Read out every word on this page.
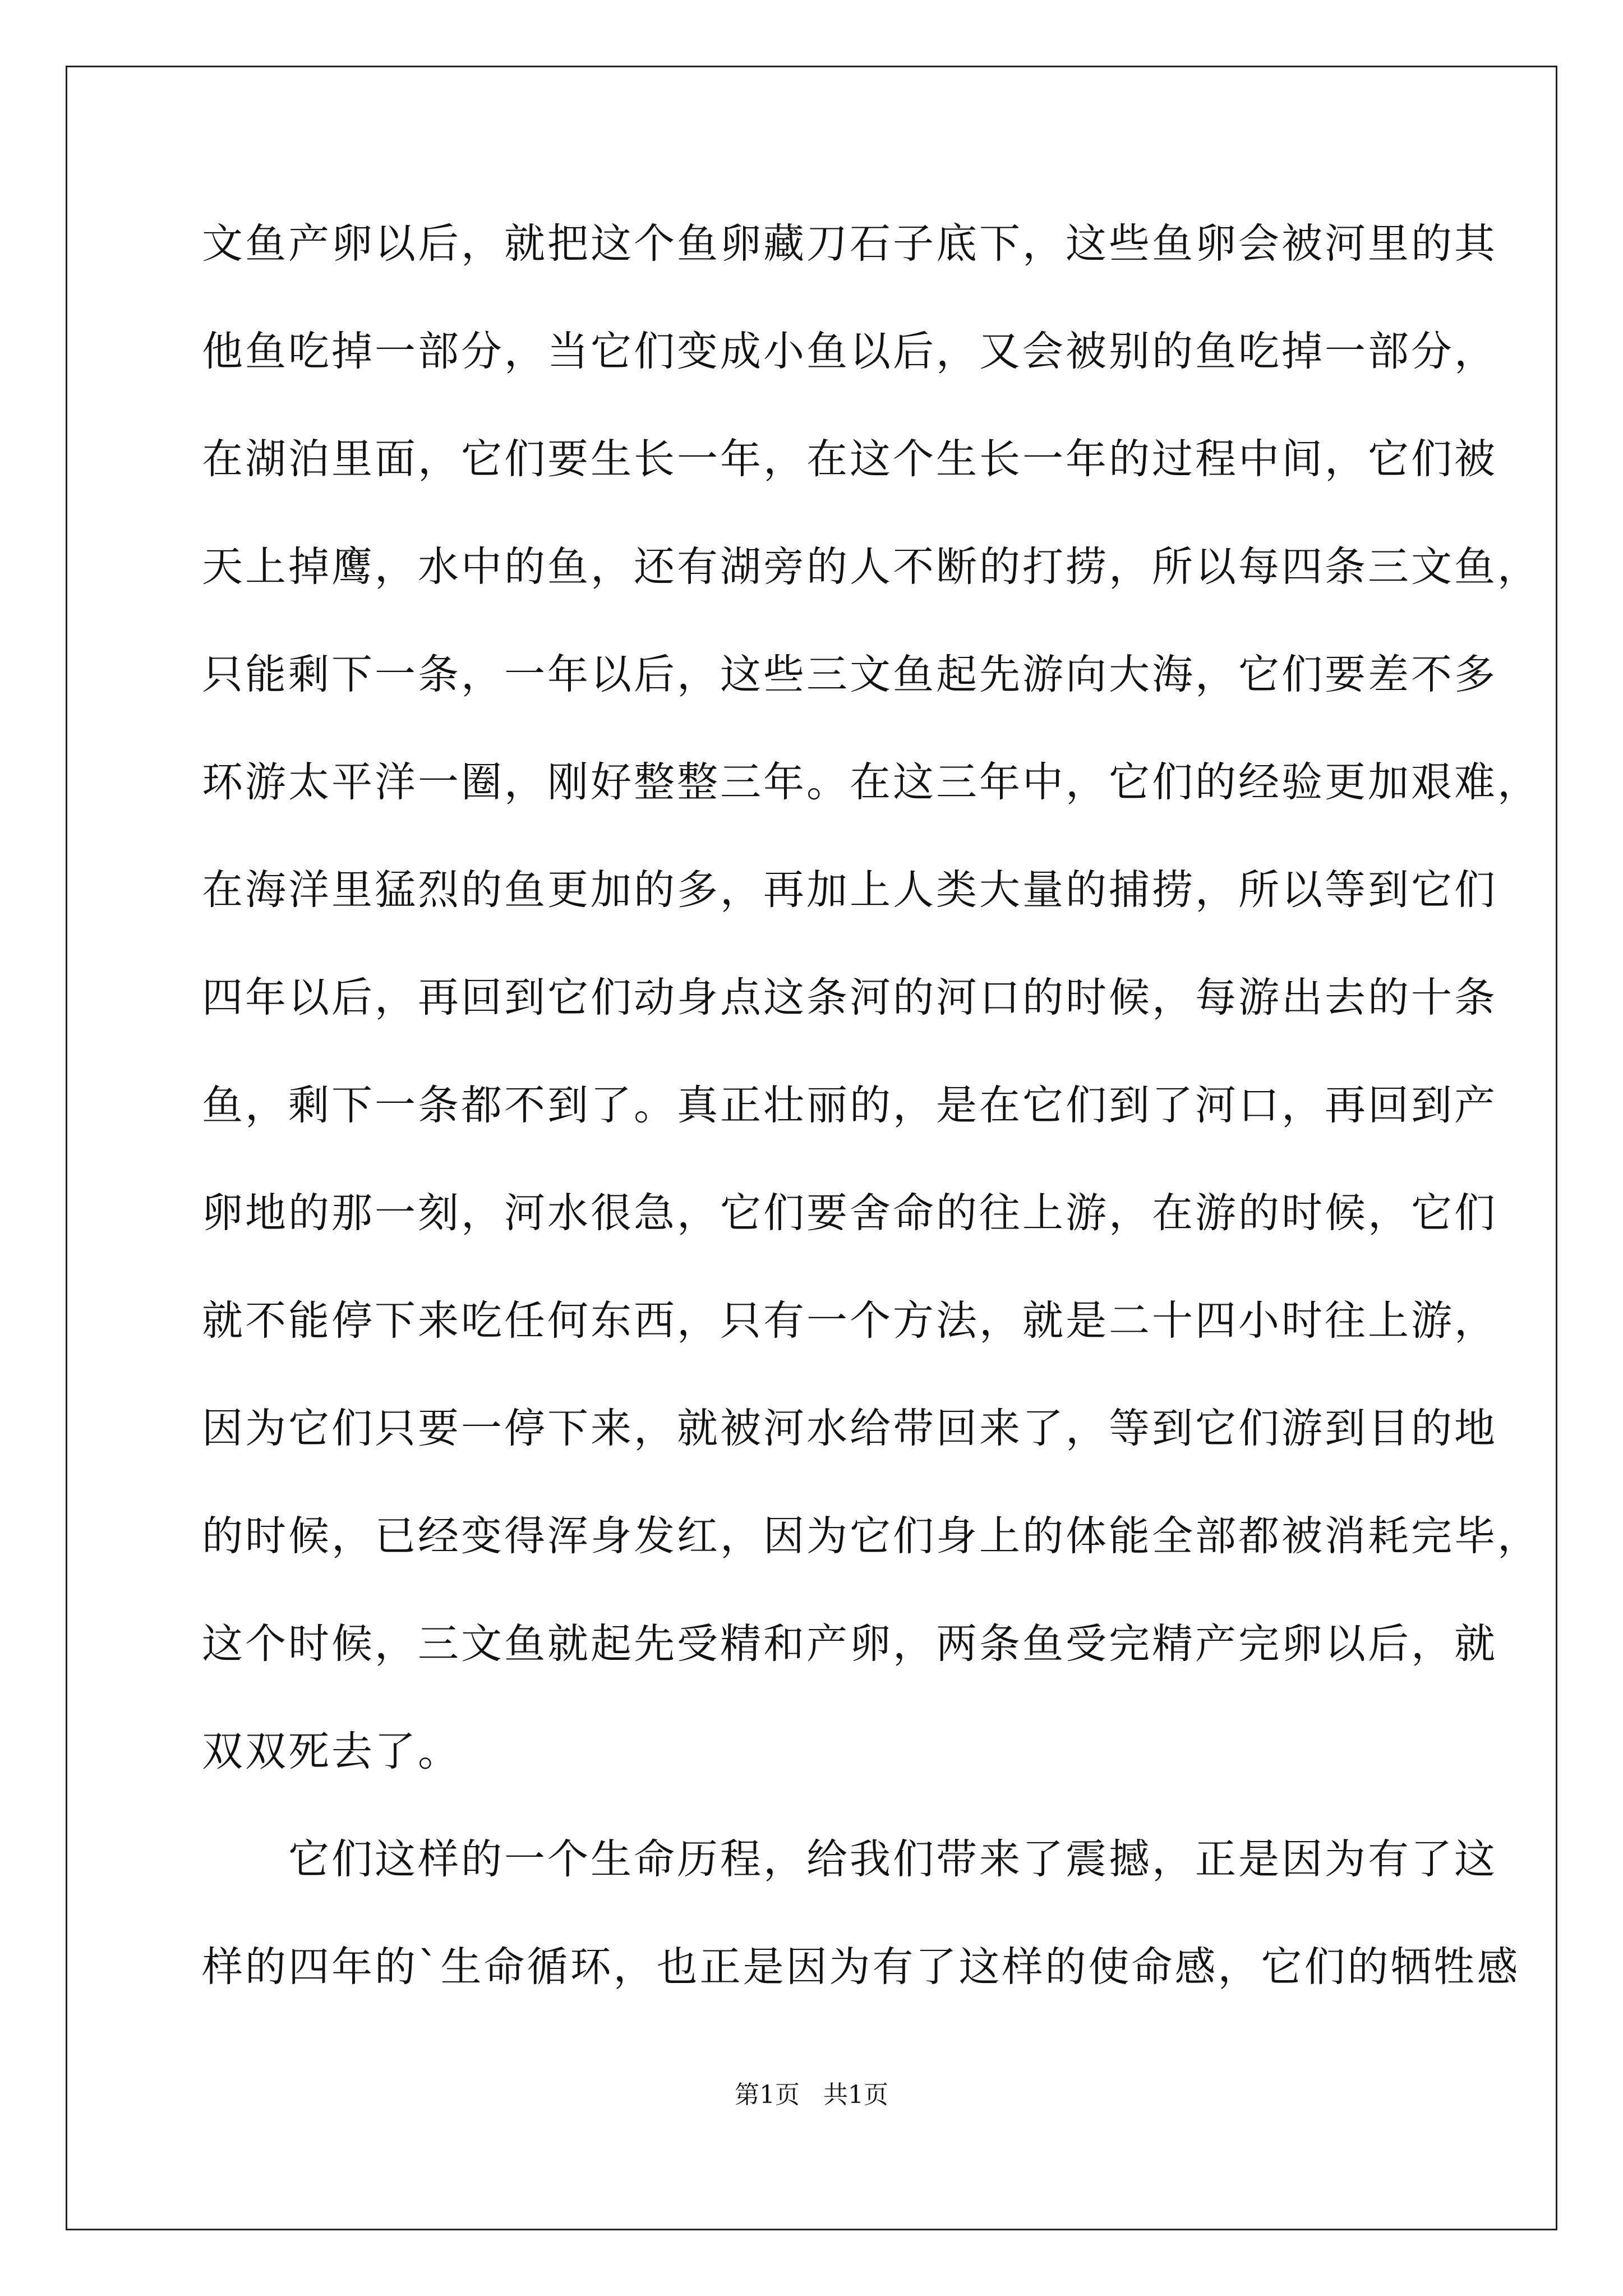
文鱼产卵以后，就把这个鱼卵藏刀石子底下，这些鱼卵会被河里的其
他鱼吃掉一部分，当它们变成小鱼以后，又会被别的鱼吃掉一部分，
在湖泊里面，它们要生长一年，在这个生长一年的过程中间，它们被
天上掉鹰，水中的鱼，还有湖旁的人不断的打捞，所以每四条三文鱼，
只能剩下一条，一年以后，这些三文鱼起先游向大海，它们要差不多
环游太平洋一圈，刚好整整三年。在这三年中，它们的经验更加艰难，
在海洋里猛烈的鱼更加的多，再加上人类大量的捕捞，所以等到它们
四年以后，再回到它们动身点这条河的河口的时候，每游出去的十条
鱼，剩下一条都不到了。真正壮丽的，是在它们到了河口，再回到产
卵地的那一刻，河水很急，它们要舍命的往上游，在游的时候，它们
就不能停下来吃任何东西，只有一个方法，就是二十四小时往上游，
因为它们只要一停下来，就被河水给带回来了，等到它们游到目的地
的时候，已经变得浑身发红，因为它们身上的体能全部都被消耗完毕，
这个时候，三文鱼就起先受精和产卵，两条鱼受完精产完卵以后，就
双双死去了。
　　它们这样的一个生命历程，给我们带来了震撼，正是因为有了这
样的四年的`生命循环，也正是因为有了这样的使命感，它们的牺牲感
第1页 共1页
